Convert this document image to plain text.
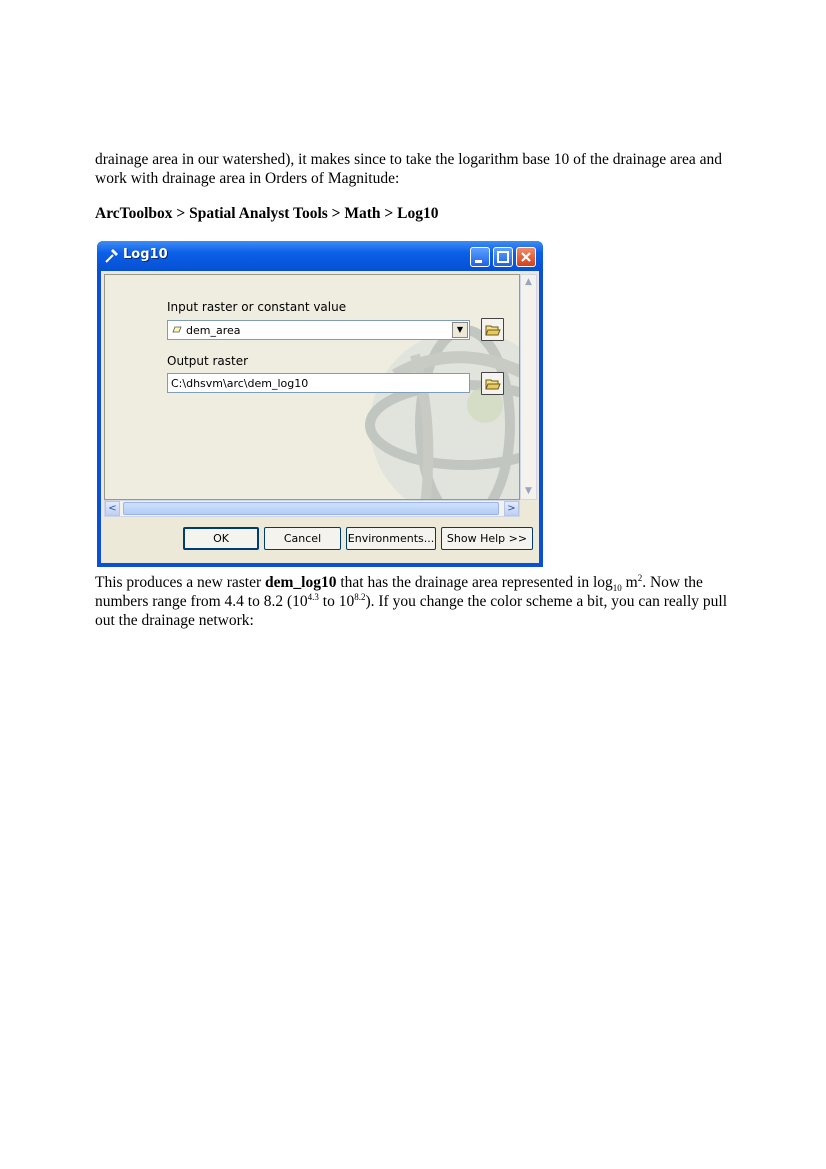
drainage area in our watershed), it makes since to take the logarithm base 10 of the drainage area and work with drainage area in Orders of Magnitude:
ArcToolbox > Spatial Analyst Tools > Math > Log10
Log10
Input raster or constant value
dem_area	▼
Output raster
C:\dhsvm\arc\dem_log10
▲
▼
<	>
OK	Cancel	Environments...	Show Help >>
This produces a new raster dem_log10 that has the drainage area represented in $\log_{10} m^2$. Now the numbers range from 4.4 to 8.2 ($10^{4.3}$ to $10^{8.2}$). If you change the color scheme a bit, you can really pull out the drainage network:
